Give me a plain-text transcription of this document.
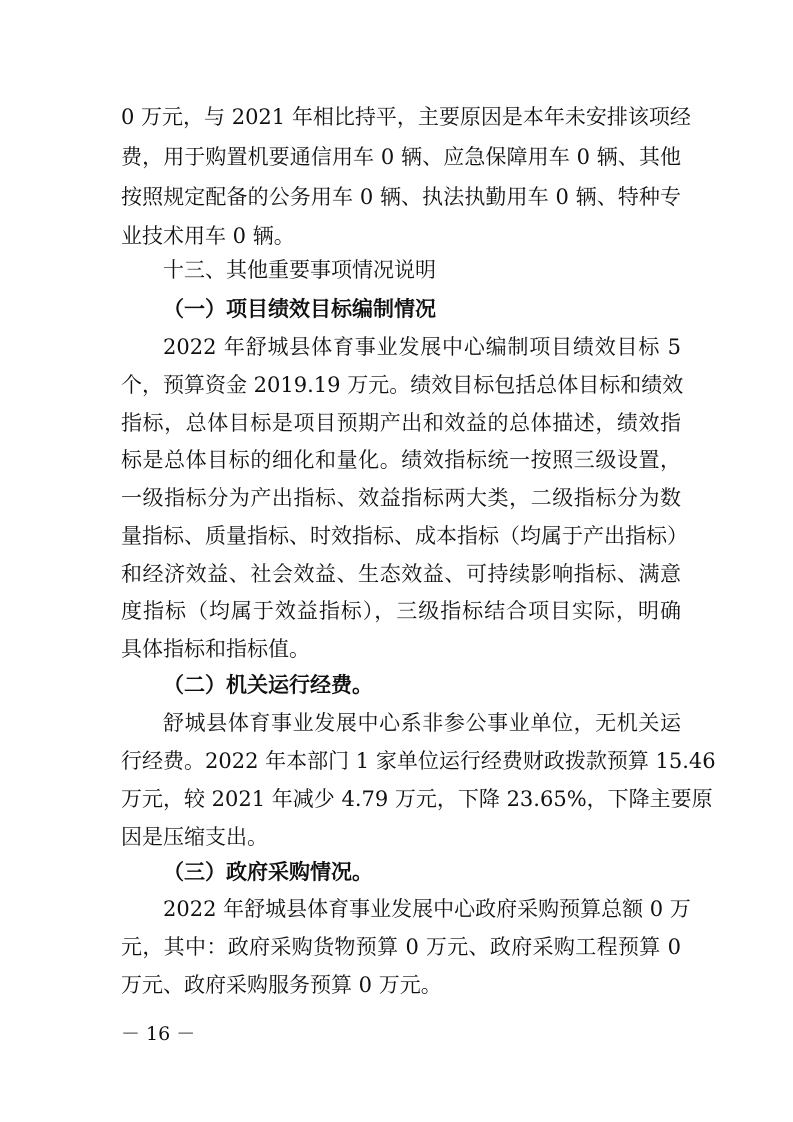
0 万元，与 2021 年相比持平，主要原因是本年未安排该项经
费，用于购置机要通信用车 0 辆、应急保障用车 0 辆、其他
按照规定配备的公务用车 0 辆、执法执勤用车 0 辆、特种专
业技术用车 0 辆。
十三、其他重要事项情况说明
（一）项目绩效目标编制情况
2022 年舒城县体育事业发展中心编制项目绩效目标 5
个，预算资金 2019.19 万元。绩效目标包括总体目标和绩效
指标，总体目标是项目预期产出和效益的总体描述，绩效指
标是总体目标的细化和量化。绩效指标统一按照三级设置，
一级指标分为产出指标、效益指标两大类，二级指标分为数
量指标、质量指标、时效指标、成本指标（均属于产出指标）
和经济效益、社会效益、生态效益、可持续影响指标、满意
度指标（均属于效益指标），三级指标结合项目实际，明确
具体指标和指标值。
（二）机关运行经费。
舒城县体育事业发展中心系非参公事业单位，无机关运
行经费。2022 年本部门 1 家单位运行经费财政拨款预算 15.46
万元，较 2021 年减少 4.79 万元，下降 23.65%，下降主要原
因是压缩支出。
（三）政府采购情况。
2022 年舒城县体育事业发展中心政府采购预算总额 0 万
元，其中：政府采购货物预算 0 万元、政府采购工程预算 0
万元、政府采购服务预算 0 万元。
－ 16 －
